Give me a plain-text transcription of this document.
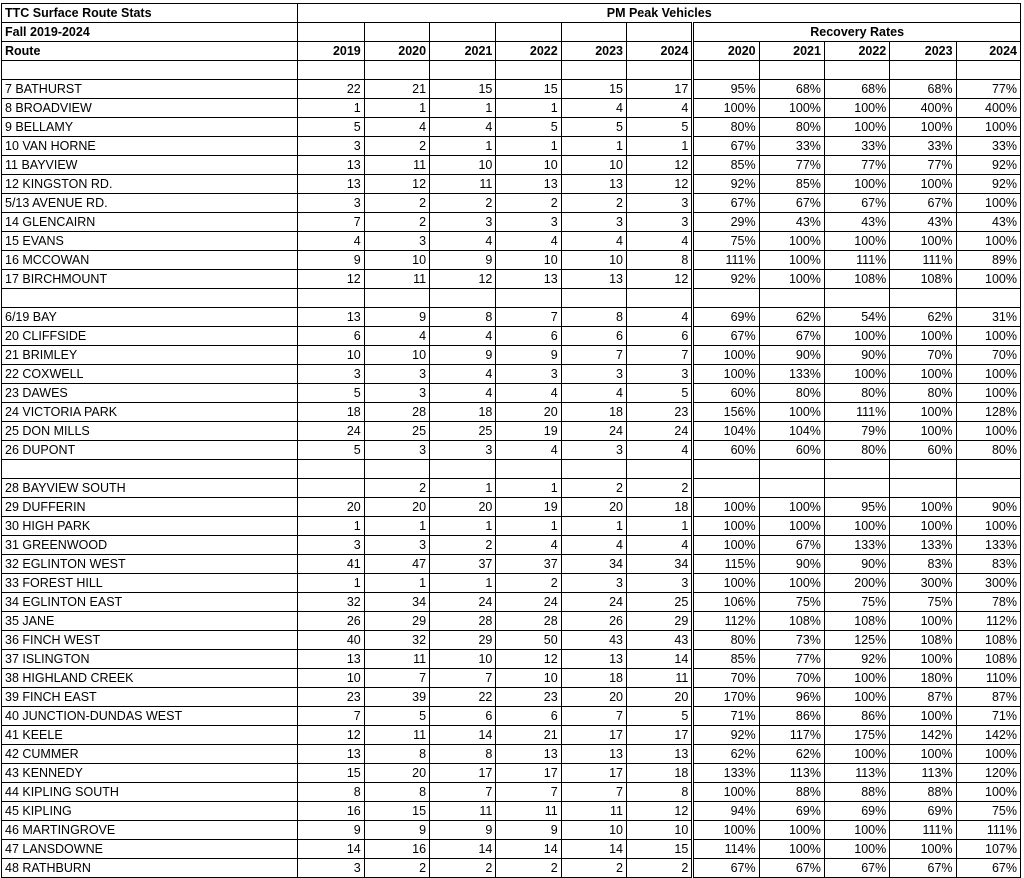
TTC Surface Route Stats	PM Peak Vehicles										
Fall 2019-2024							Recovery Rates				
Route	2019	2020	2021	2022	2023	2024	2020	2021	2022	2023	2024

7 BATHURST	22	21	15	15	15	17	95%	68%	68%	68%	77%
8 BROADVIEW	1	1	1	1	4	4	100%	100%	100%	400%	400%
9 BELLAMY	5	4	4	5	5	5	80%	80%	100%	100%	100%
10 VAN HORNE	3	2	1	1	1	1	67%	33%	33%	33%	33%
11 BAYVIEW	13	11	10	10	10	12	85%	77%	77%	77%	92%
12 KINGSTON RD.	13	12	11	13	13	12	92%	85%	100%	100%	92%
5/13 AVENUE RD.	3	2	2	2	2	3	67%	67%	67%	67%	100%
14 GLENCAIRN	7	2	3	3	3	3	29%	43%	43%	43%	43%
15 EVANS	4	3	4	4	4	4	75%	100%	100%	100%	100%
16 MCCOWAN	9	10	9	10	10	8	111%	100%	111%	111%	89%
17 BIRCHMOUNT	12	11	12	13	13	12	92%	100%	108%	108%	100%

6/19 BAY	13	9	8	7	8	4	69%	62%	54%	62%	31%
20 CLIFFSIDE	6	4	4	6	6	6	67%	67%	100%	100%	100%
21 BRIMLEY	10	10	9	9	7	7	100%	90%	90%	70%	70%
22 COXWELL	3	3	4	3	3	3	100%	133%	100%	100%	100%
23 DAWES	5	3	4	4	4	5	60%	80%	80%	80%	100%
24 VICTORIA PARK	18	28	18	20	18	23	156%	100%	111%	100%	128%
25 DON MILLS	24	25	25	19	24	24	104%	104%	79%	100%	100%
26 DUPONT	5	3	3	4	3	4	60%	60%	80%	60%	80%

28 BAYVIEW SOUTH		2	1	1	2	2					
29 DUFFERIN	20	20	20	19	20	18	100%	100%	95%	100%	90%
30 HIGH PARK	1	1	1	1	1	1	100%	100%	100%	100%	100%
31 GREENWOOD	3	3	2	4	4	4	100%	67%	133%	133%	133%
32 EGLINTON WEST	41	47	37	37	34	34	115%	90%	90%	83%	83%
33 FOREST HILL	1	1	1	2	3	3	100%	100%	200%	300%	300%
34 EGLINTON EAST	32	34	24	24	24	25	106%	75%	75%	75%	78%
35 JANE	26	29	28	28	26	29	112%	108%	108%	100%	112%
36 FINCH WEST	40	32	29	50	43	43	80%	73%	125%	108%	108%
37 ISLINGTON	13	11	10	12	13	14	85%	77%	92%	100%	108%
38 HIGHLAND CREEK	10	7	7	10	18	11	70%	70%	100%	180%	110%
39 FINCH EAST	23	39	22	23	20	20	170%	96%	100%	87%	87%
40 JUNCTION-DUNDAS WEST	7	5	6	6	7	5	71%	86%	86%	100%	71%
41 KEELE	12	11	14	21	17	17	92%	117%	175%	142%	142%
42 CUMMER	13	8	8	13	13	13	62%	62%	100%	100%	100%
43 KENNEDY	15	20	17	17	17	18	133%	113%	113%	113%	120%
44 KIPLING SOUTH	8	8	7	7	7	8	100%	88%	88%	88%	100%
45 KIPLING	16	15	11	11	11	12	94%	69%	69%	69%	75%
46 MARTINGROVE	9	9	9	9	10	10	100%	100%	100%	111%	111%
47 LANSDOWNE	14	16	14	14	14	15	114%	100%	100%	100%	107%
48 RATHBURN	3	2	2	2	2	2	67%	67%	67%	67%	67%
